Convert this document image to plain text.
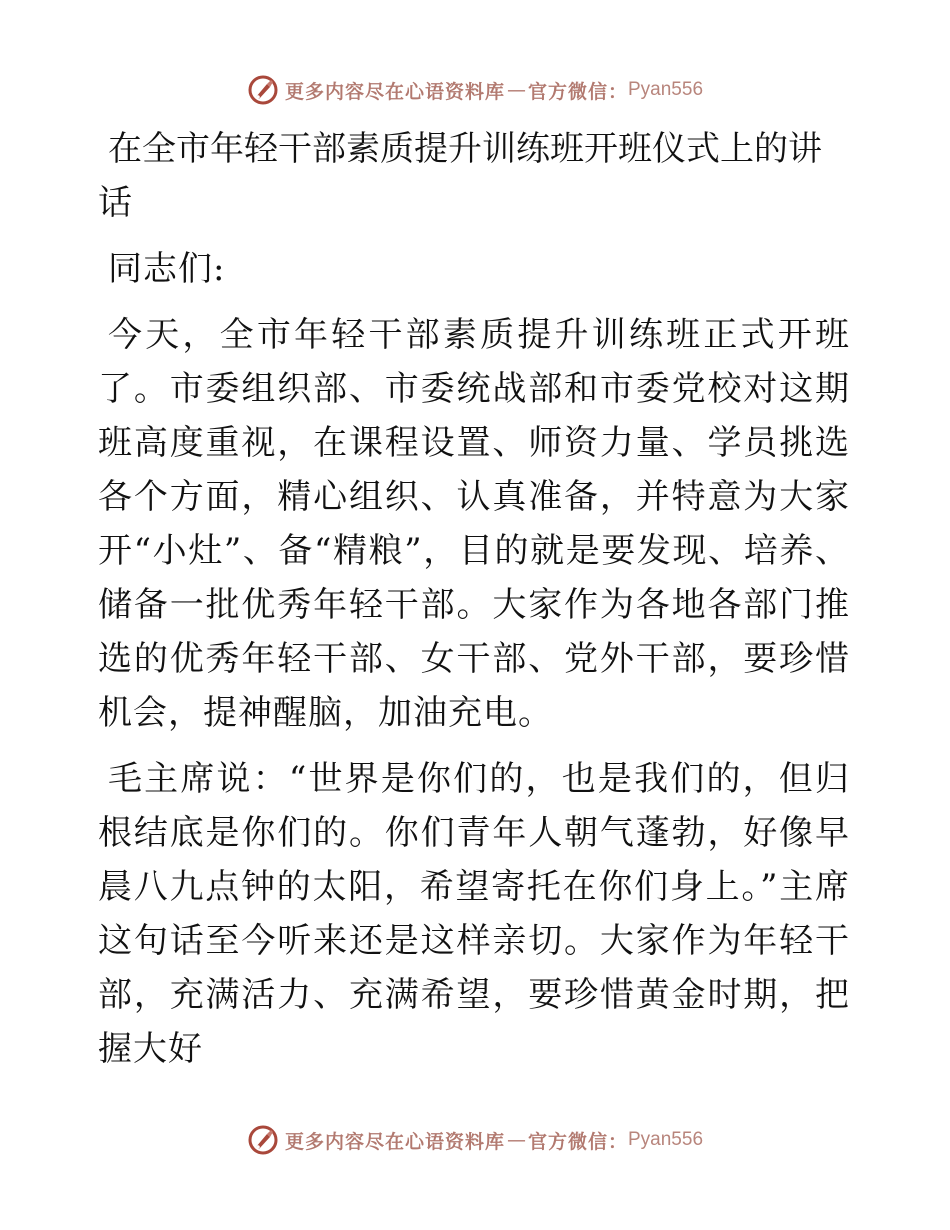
更多内容尽在心语资料库 — 官方微信： Pyan556
在全市年轻干部素质提升训练班开班仪式上的讲话

同志们:

今天，全市年轻干部素质提升训练班正式开班 了。市委组织部、市委统战部和市委党校对这期班高度重视，在课程设置、师资力量、学员挑选各个方面，精心组织、认真准备，并特意为大家开“小灶”、备“精粮”，目的就是要发现、培养、储备一批优秀年轻干部。大家作为各地各部门推选的优秀年轻干部、女干部、党外干部，要珍惜机会，提神醒脑，加油充电。

毛主席说：“世界是你们的，也是我们的，但归根结底是你们的。你们青年人朝气蓬勃，好像早晨八九点钟的太阳，希望寄托在你们身上。”主席这句话至今听来还是这样亲切。大家作为年轻干部，充满活力、充满希望，要珍惜黄金时期，把握大好

更多内容尽在心语资料库 — 官方微信： Pyan556
